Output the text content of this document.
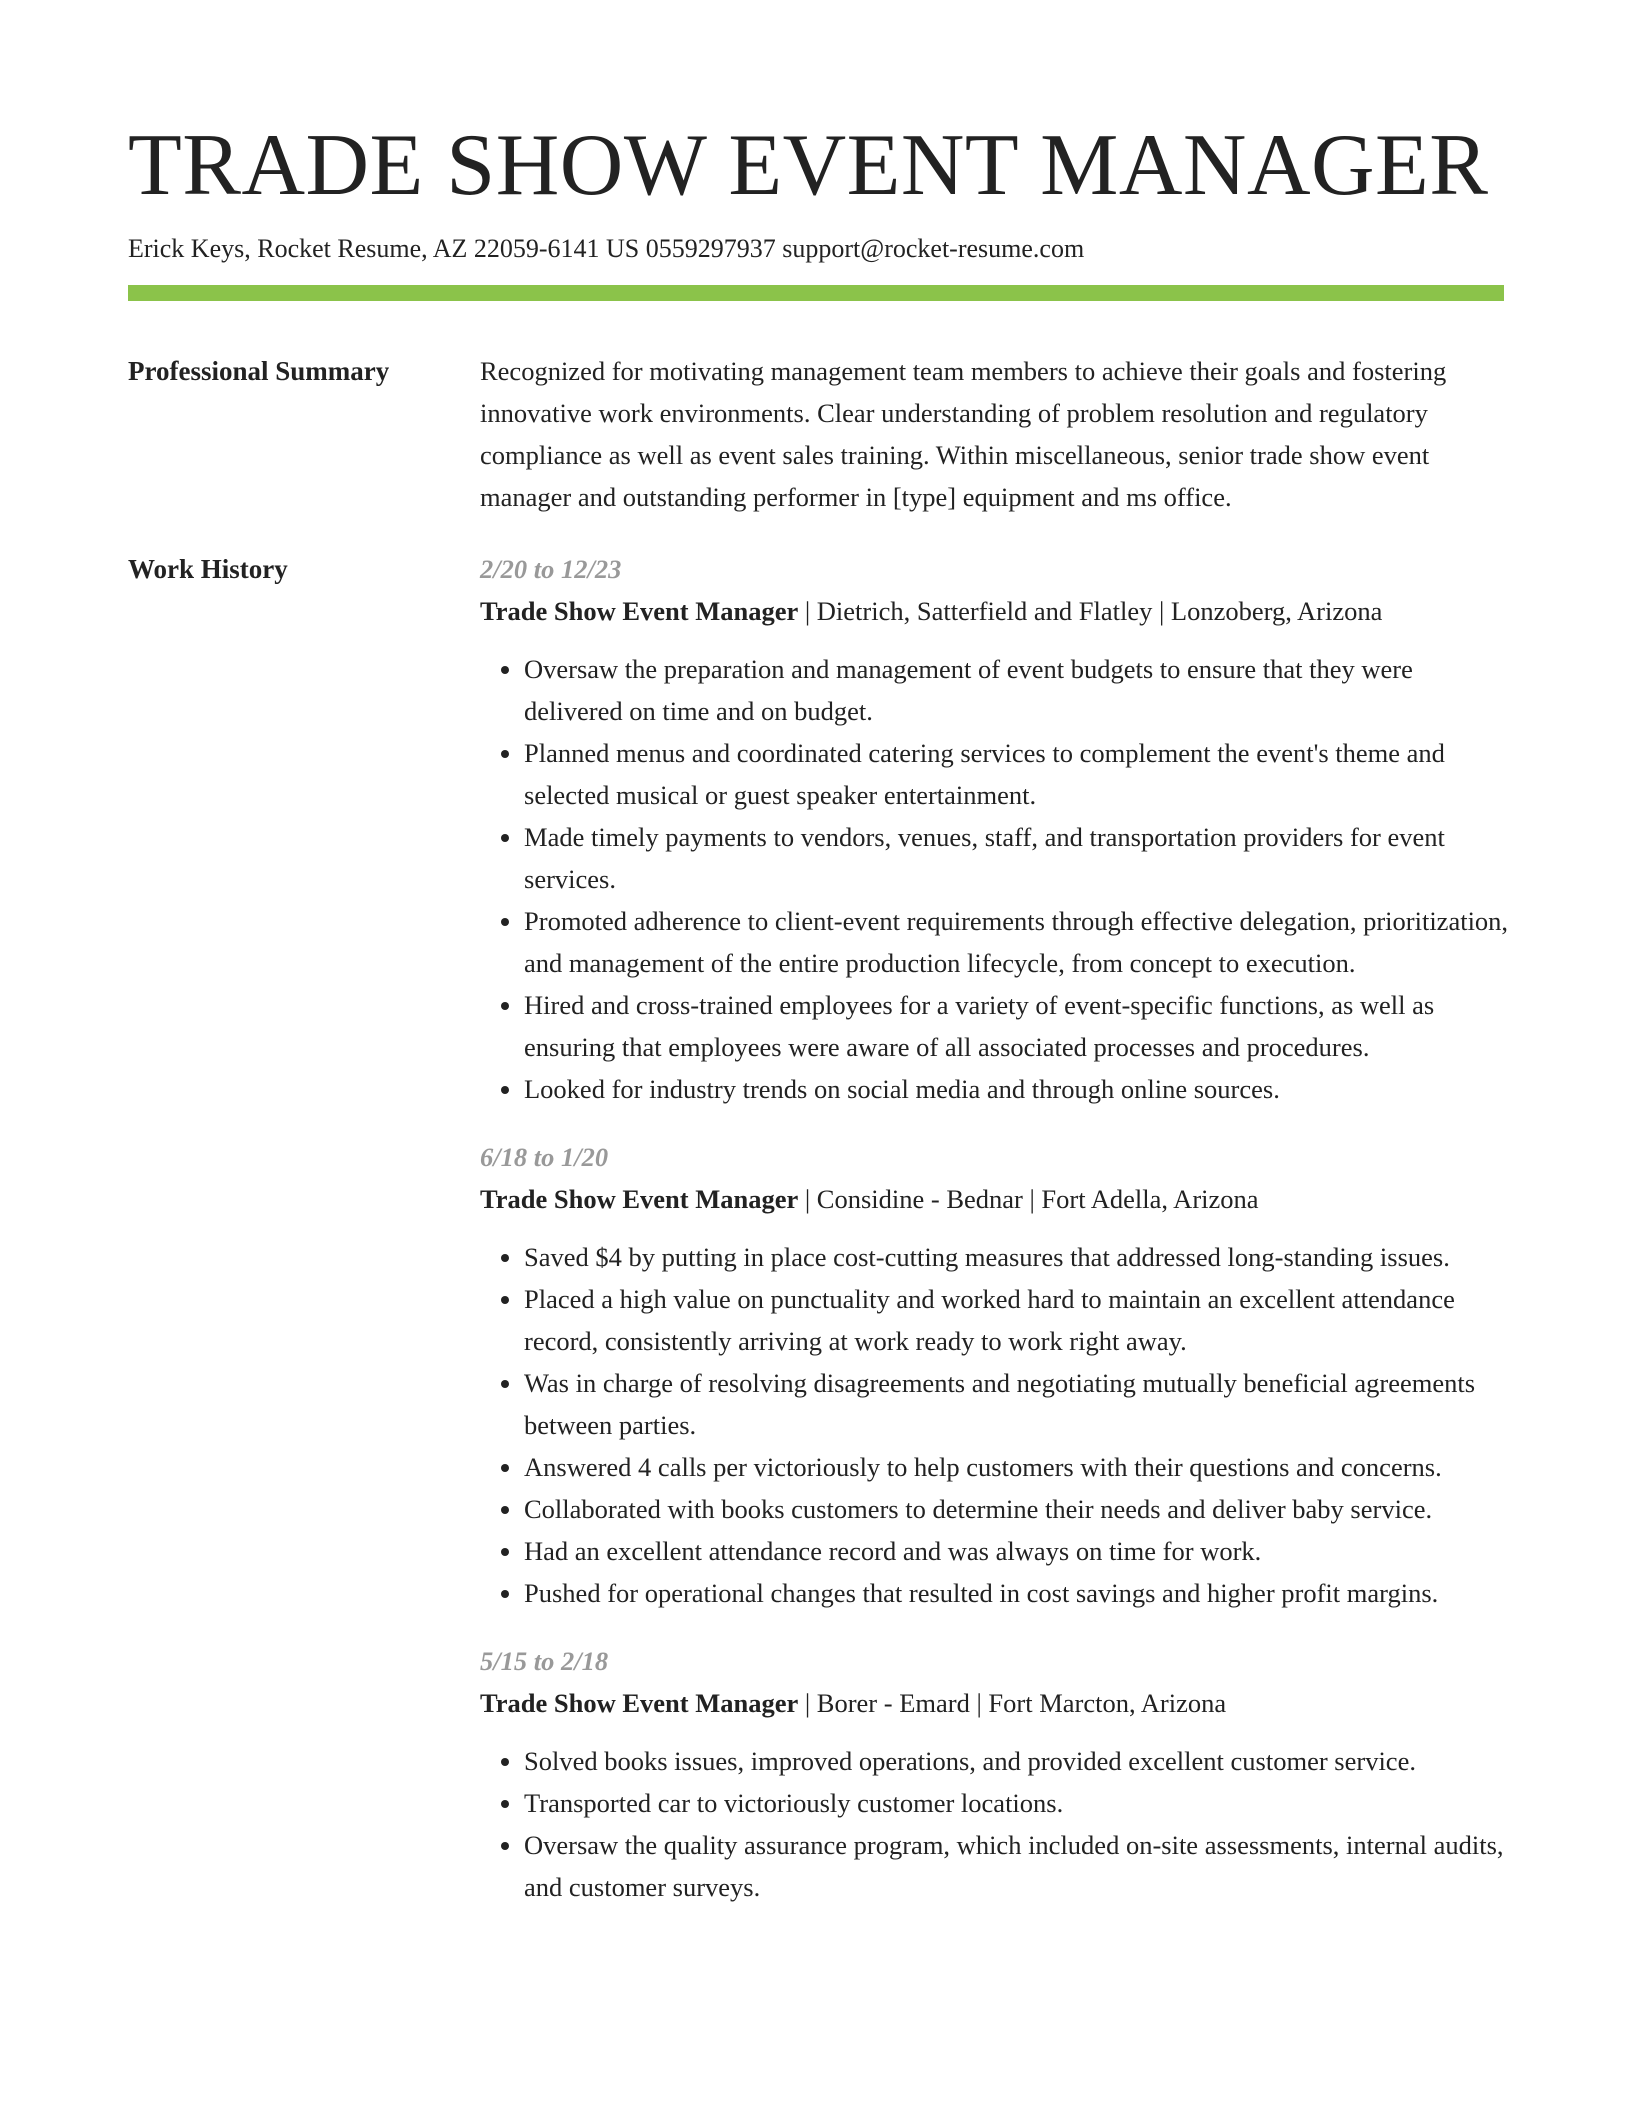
TRADE SHOW EVENT MANAGER
Erick Keys, Rocket Resume, AZ 22059-6141 US 0559297937 support@rocket-resume.com
Professional Summary	Recognized for motivating management team members to achieve their goals and fostering innovative work environments. Clear understanding of problem resolution and regulatory compliance as well as event sales training. Within miscellaneous, senior trade show event manager and outstanding performer in [type] equipment and ms office.

Work History	2/20 to 12/23
Trade Show Event Manager | Dietrich, Satterfield and Flatley | Lonzoberg, Arizona
• Oversaw the preparation and management of event budgets to ensure that they were delivered on time and on budget.
• Planned menus and coordinated catering services to complement the event's theme and selected musical or guest speaker entertainment.
• Made timely payments to vendors, venues, staff, and transportation providers for event services.
• Promoted adherence to client-event requirements through effective delegation, prioritization, and management of the entire production lifecycle, from concept to execution.
• Hired and cross-trained employees for a variety of event-specific functions, as well as ensuring that employees were aware of all associated processes and procedures.
• Looked for industry trends on social media and through online sources.
6/18 to 1/20
Trade Show Event Manager | Considine - Bednar | Fort Adella, Arizona
• Saved $4 by putting in place cost-cutting measures that addressed long-standing issues.
• Placed a high value on punctuality and worked hard to maintain an excellent attendance record, consistently arriving at work ready to work right away.
• Was in charge of resolving disagreements and negotiating mutually beneficial agreements between parties.
• Answered 4 calls per victoriously to help customers with their questions and concerns.
• Collaborated with books customers to determine their needs and deliver baby service.
• Had an excellent attendance record and was always on time for work.
• Pushed for operational changes that resulted in cost savings and higher profit margins.
5/15 to 2/18
Trade Show Event Manager | Borer - Emard | Fort Marcton, Arizona
• Solved books issues, improved operations, and provided excellent customer service.
• Transported car to victoriously customer locations.
• Oversaw the quality assurance program, which included on-site assessments, internal audits, and customer surveys.
